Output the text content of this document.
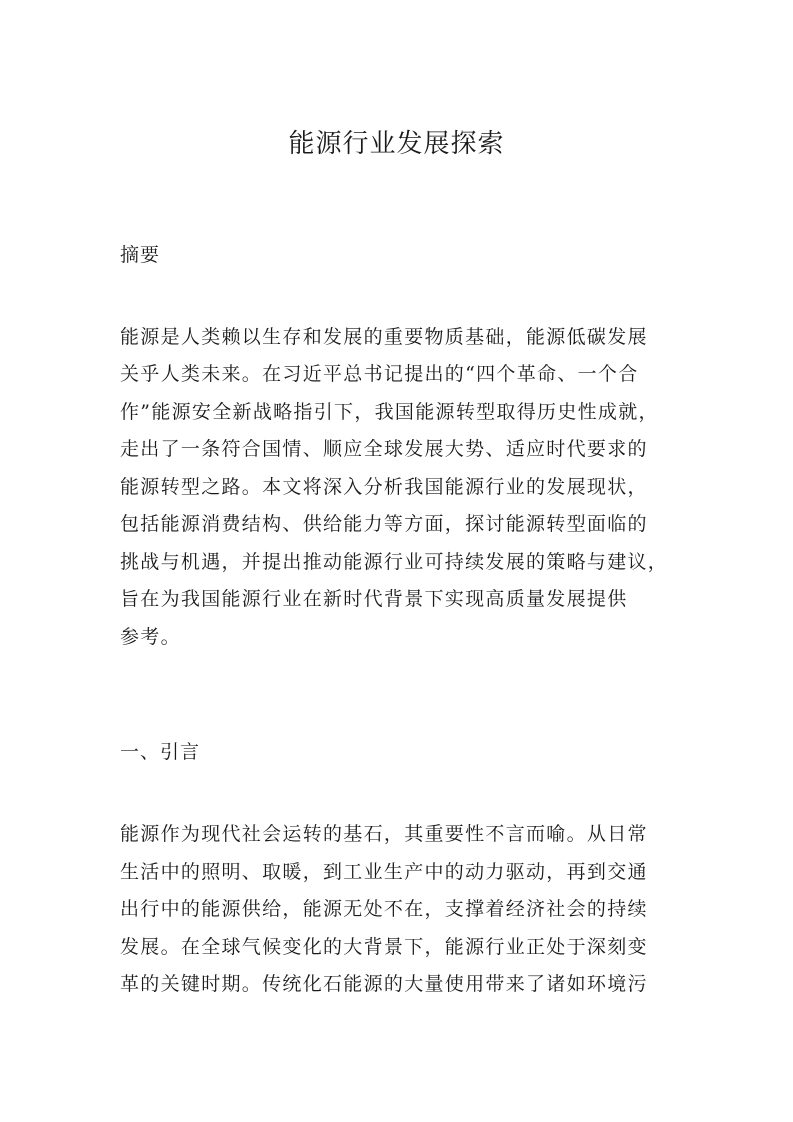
能源行业发展探索
摘要
能源是人类赖以生存和发展的重要物质基础，能源低碳发展
关乎人类未来。在习近平总书记提出的“四个革命、一个合
作”能源安全新战略指引下，我国能源转型取得历史性成就，
走出了一条符合国情、顺应全球发展大势、适应时代要求的
能源转型之路。本文将深入分析我国能源行业的发展现状，
包括能源消费结构、供给能力等方面，探讨能源转型面临的
挑战与机遇，并提出推动能源行业可持续发展的策略与建议，
旨在为我国能源行业在新时代背景下实现高质量发展提供
参考。
一、引言
能源作为现代社会运转的基石，其重要性不言而喻。从日常
生活中的照明、取暖，到工业生产中的动力驱动，再到交通
出行中的能源供给，能源无处不在，支撑着经济社会的持续
发展。在全球气候变化的大背景下，能源行业正处于深刻变
革的关键时期。传统化石能源的大量使用带来了诸如环境污
